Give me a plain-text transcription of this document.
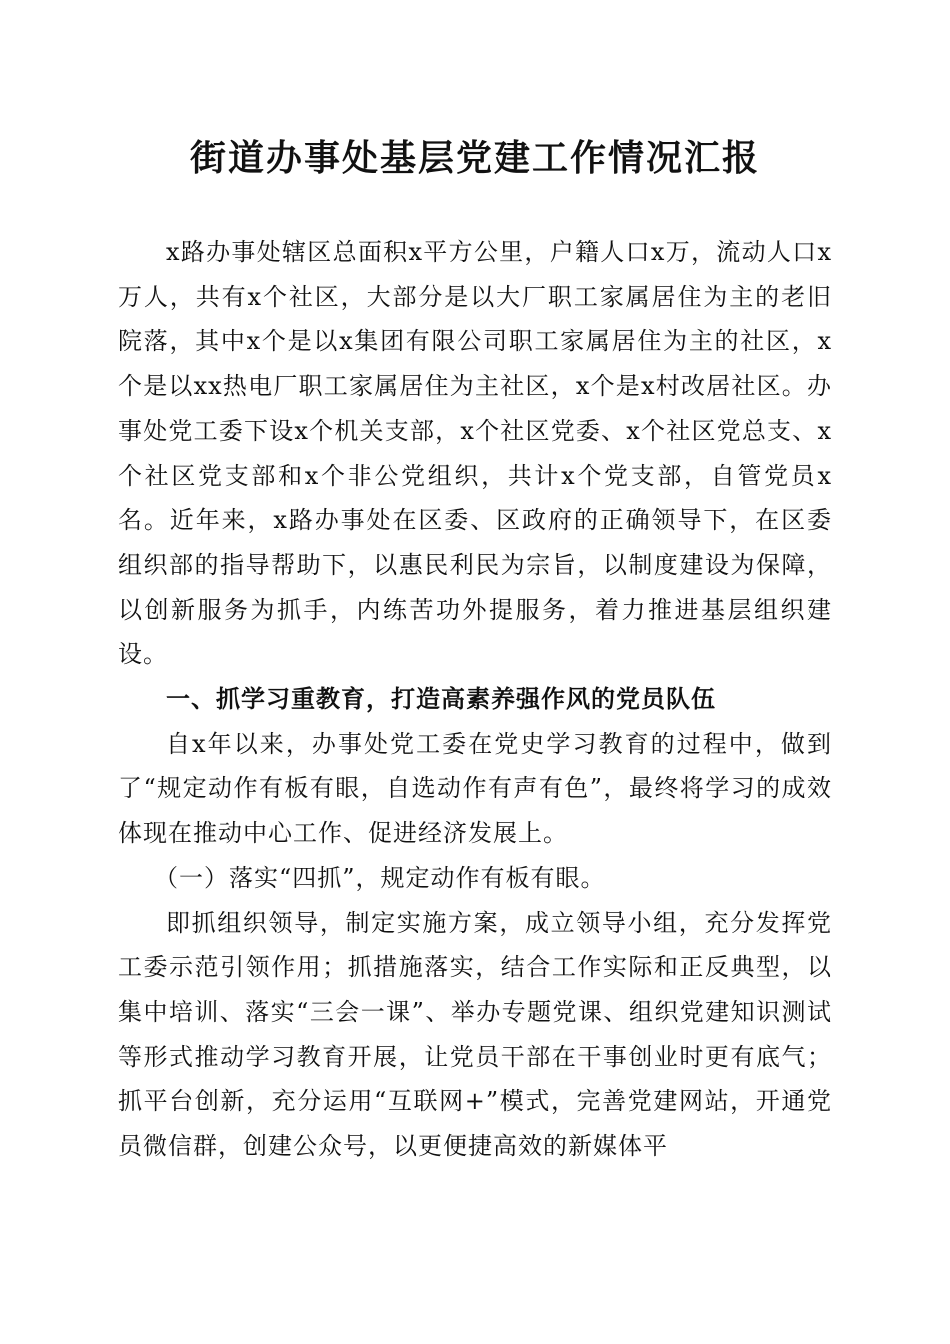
街道办事处基层党建工作情况汇报

x路办事处辖区总面积x平方公里，户籍人口x万，流动人口x万人，共有x个社区，大部分是以大厂职工家属居住为主的老旧院落，其中x个是以x集团有限公司职工家属居住为主的社区，x个是以xx热电厂职工家属居住为主社区，x个是x村改居社区。办事处党工委下设x个机关支部，x个社区党委、x个社区党总支、x个社区党支部和x个非公党组织，共计x个党支部，自管党员x名。近年来，x路办事处在区委、区政府的正确领导下，在区委组织部的指导帮助下，以惠民利民为宗旨，以制度建设为保障，以创新服务为抓手，内练苦功外提服务，着力推进基层组织建设。

一、抓学习重教育，打造高素养强作风的党员队伍

自x年以来，办事处党工委在党史学习教育的过程中，做到了“规定动作有板有眼，自选动作有声有色”，最终将学习的成效体现在推动中心工作、促进经济发展上。

（一）落实“四抓”，规定动作有板有眼。

即抓组织领导，制定实施方案，成立领导小组，充分发挥党工委示范引领作用；抓措施落实，结合工作实际和正反典型，以集中培训、落实“三会一课”、举办专题党课、组织党建知识测试等形式推动学习教育开展，让党员干部在干事创业时更有底气；抓平台创新，充分运用“互联网+”模式，完善党建网站，开通党员微信群，创建公众号，以更便捷高效的新媒体平
